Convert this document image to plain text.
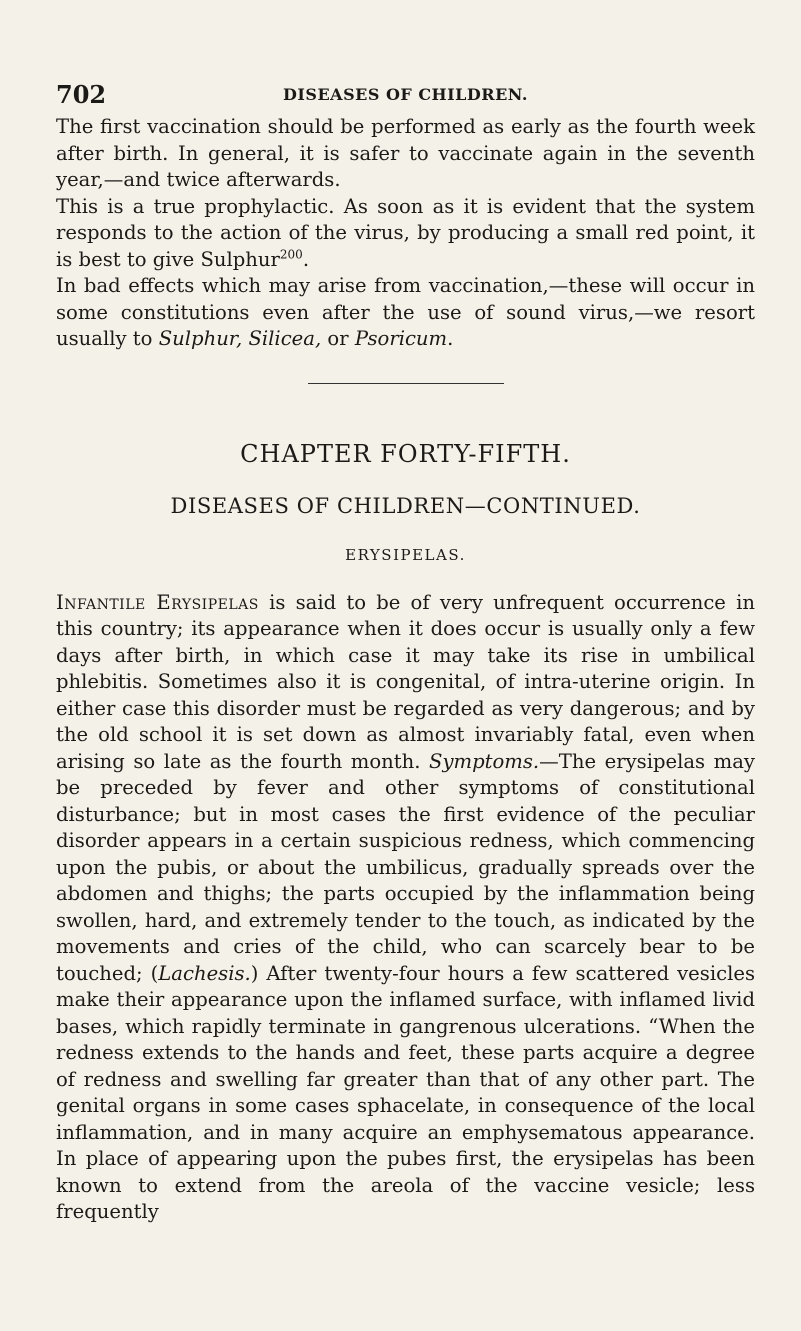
702	DISEASES OF CHILDREN.

The first vaccination should be performed as early as the fourth week after birth. In general, it is safer to vaccinate again in the seventh year,—and twice afterwards.

This is a true prophylactic. As soon as it is evident that the system responds to the action of the virus, by producing a small red point, it is best to give Sulphur$^{200}$.

In bad effects which may arise from vaccination,—these will occur in some constitutions even after the use of sound virus,—we resort usually to Sulphur, Silicea, or Psoricum.

CHAPTER FORTY-FIFTH.
DISEASES OF CHILDREN—CONTINUED.
ERYSIPELAS.

Infantile Erysipelas is said to be of very unfrequent occurrence in this country; its appearance when it does occur is usually only a few days after birth, in which case it may take its rise in umbilical phlebitis. Sometimes also it is congenital, of intra-uterine origin. In either case this disorder must be regarded as very dangerous; and by the old school it is set down as almost invariably fatal, even when arising so late as the fourth month. Symptoms.—The erysipelas may be preceded by fever and other symptoms of constitutional disturbance; but in most cases the first evidence of the peculiar disorder appears in a certain suspicious redness, which commencing upon the pubis, or about the umbilicus, gradually spreads over the abdomen and thighs; the parts occupied by the inflammation being swollen, hard, and extremely tender to the touch, as indicated by the movements and cries of the child, who can scarcely bear to be touched; (Lachesis.) After twenty-four hours a few scattered vesicles make their appearance upon the inflamed surface, with inflamed livid bases, which rapidly terminate in gangrenous ulcerations. “When the redness extends to the hands and feet, these parts acquire a degree of redness and swelling far greater than that of any other part. The genital organs in some cases sphacelate, in consequence of the local inflammation, and in many acquire an emphysematous appearance. In place of appearing upon the pubes first, the erysipelas has been known to extend from the areola of the vaccine vesicle; less frequently
